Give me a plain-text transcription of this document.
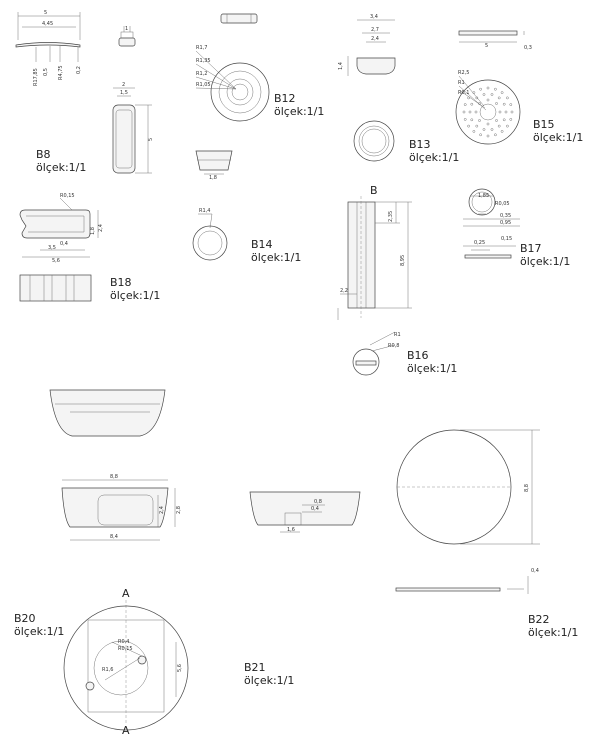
5
4,45
R17,85 0,5 R4,75 0,2
1
2
1,5
5
B8
ölçek:1/1
R1,7
R1,35
R1,2
R1,05
1,8
B12
ölçek:1/1
3,4
2,7
2,4
1,4
B13
ölçek:1/1
R1,4
B14
ölçek:1/1
5	0,3
R2,5
R1
R0,1
B15
ölçek:1/1
B
2,35
8,95
2,2
R1
R0,8
B16
ölçek:1/1
1,85
R0,05
0,35
0,95
0,25
0,15
B17
ölçek:1/1
R0,15
2,4
0,4
3,5
5,6
1,8
B18
ölçek:1/1
8,8
2,4 2,8
8,4
A
A
R0,4
R0,15
R1,6	5,6
B20
ölçek:1/1
0,8
0,4
1,6
B21
ölçek:1/1
8,8
0,4
B22
ölçek:1/1
